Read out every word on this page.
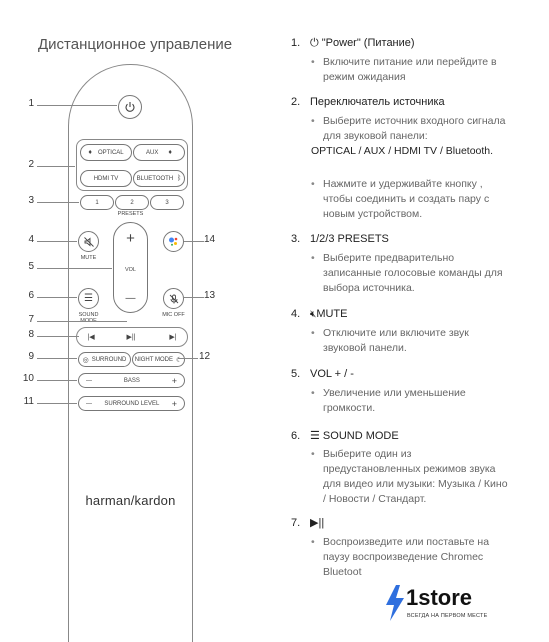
Дистанционное управление
♦ OPTICAL	AUX ♦
HDMI TV	BLUETOOTH ᛒ
1	2	3
PRESETS
MUTE
+
VOL
—
☰
SOUND
MODE
MIC OFF
|◀	▶||	▶|
◎ SURROUND NIGHT MODE ☾
—	BASS	+
— SURROUND LEVEL +
harman/kardon
1
2
3
4
5
6
7
8
9
10
11
12
13
14
1. ⏻ "Power" (Питание)
• Включите питание или перейдите в режим ожидания
2. Переключатель источника
• Выберите источник входного сигнала для звуковой панели:
OPTICAL / AUX / HDMI TV / Bluetooth.
• Нажмите и удерживайте кнопку , чтобы соединить и создать пару с новым устройством.
3. 1/2/3 PRESETS
• Выберите предварительно записанные голосовые команды для выбора источника.
4. 🔇︎MUTE
• Отключите или включите звук звуковой панели.
5. VOL + / -
• Увеличение или уменьшение громкости.
6. ☰ SOUND MODE
• Выберите один из предустановленных режимов звука для видео или музыки: Музыка / Кино / Новости / Стандарт.
7. ▶||
• Воспроизведите или поставьте на паузу воспроизведение Chromec
Bluetoot
1store
ВСЕГДА НА ПЕРВОМ МЕСТЕ
